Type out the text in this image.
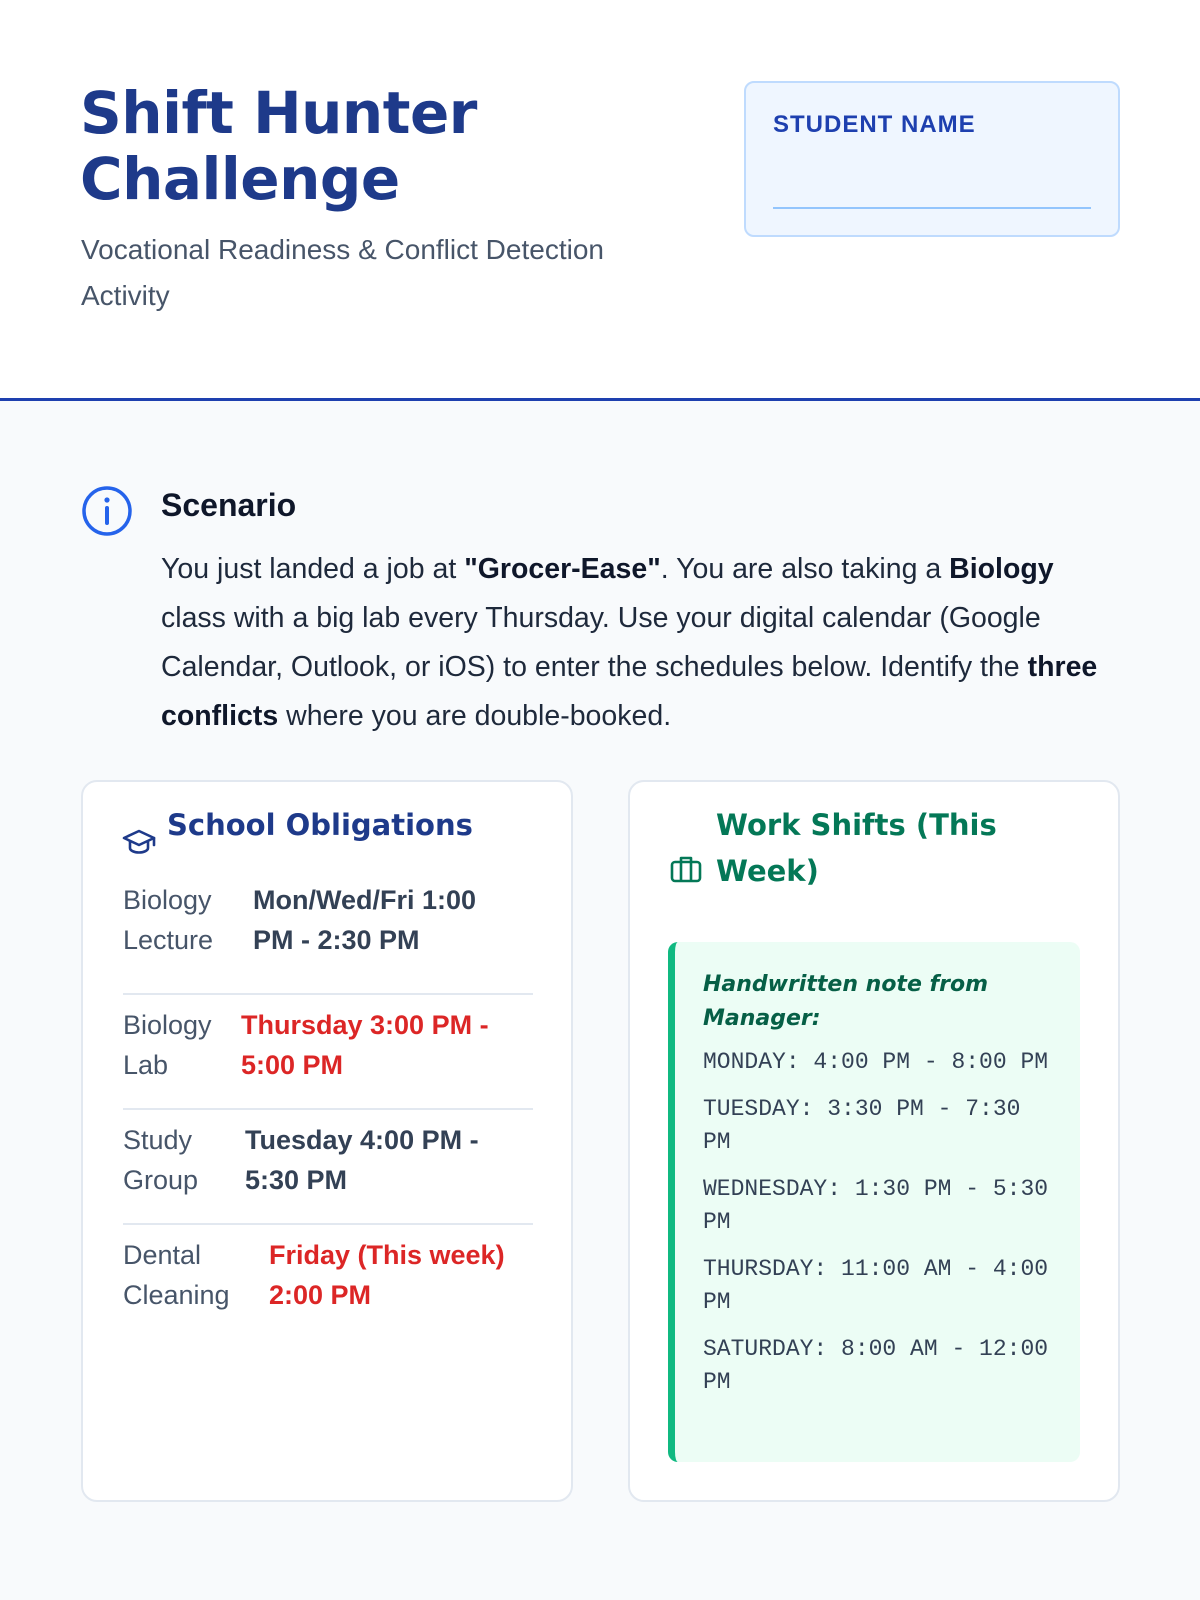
Shift Hunter Challenge
Vocational Readiness & Conflict Detection Activity
STUDENT NAME
Scenario
You just landed a job at "Grocer-Ease". You are also taking a Biology class with a big lab every Thursday. Use your digital calendar (Google Calendar, Outlook, or iOS) to enter the schedules below. Identify the three conflicts where you are double-booked.
School Obligations
Biology Lecture
Mon/Wed/Fri 1:00 PM - 2:30 PM
Biology Lab
Thursday 3:00 PM - 5:00 PM
Study Group
Tuesday 4:00 PM - 5:30 PM
Dental Cleaning
Friday (This week) 2:00 PM
Work Shifts (This Week)
Handwritten note from Manager:
MONDAY: 4:00 PM - 8:00 PM
TUESDAY: 3:30 PM - 7:30 PM
WEDNESDAY: 1:30 PM - 5:30 PM
THURSDAY: 11:00 AM - 4:00 PM
SATURDAY: 8:00 AM - 12:00 PM
